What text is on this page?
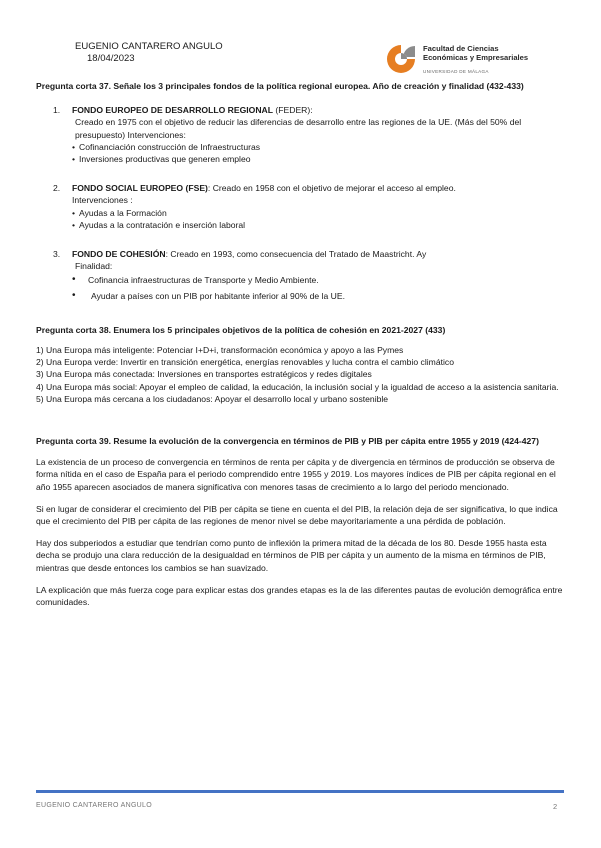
EUGENIO CANTARERO ANGULO
18/04/2023
Facultad de Ciencias
Económicas y Empresariales
UNIVERSIDAD DE MÁLAGA

Pregunta corta 37. Señale los 3 principales fondos de la política regional europea. Año de creación y finalidad (432-433)

1. FONDO EUROPEO DE DESARROLLO REGIONAL (FEDER):
Creado en 1975 con el objetivo de reducir las diferencias de desarrollo entre las regiones de la UE. (Más del 50% del presupuesto) Intervenciones:
• Cofinanciación construcción de Infraestructuras
• Inversiones productivas que generen empleo
2. FONDO SOCIAL EUROPEO (FSE): Creado en 1958 con el objetivo de mejorar el acceso al empleo.
Intervenciones :
• Ayudas a la Formación
• Ayudas a la contratación e inserción laboral
3. FONDO DE COHESIÓN: Creado en 1993, como consecuencia del Tratado de Maastricht. Ay
Finalidad:
• Cofinancia infraestructuras de Transporte y Medio Ambiente.
• Ayudar a países con un PIB por habitante inferior al 90% de la UE.

Pregunta corta 38. Enumera los 5 principales objetivos de la política de cohesión en 2021-2027 (433)

1) Una Europa más inteligente: Potenciar I+D+i, transformación económica y apoyo a las Pymes

2) Una Europa verde: Invertir en transición energética, energías renovables y lucha contra el cambio climático

3) Una Europa más conectada: Inversiones en transportes estratégicos y redes digitales

4) Una Europa más social: Apoyar el empleo de calidad, la educación, la inclusión social y la igualdad de acceso a la asistencia sanitaria.

5) Una Europa más cercana a los ciudadanos: Apoyar el desarrollo local y urbano sostenible

Pregunta corta 39. Resume la evolución de la convergencia en términos de PIB y PIB per cápita entre 1955 y 2019 (424-427)

La existencia de un proceso de convergencia en términos de renta per cápita y de divergencia en términos de producción se observa de forma nítida en el caso de España para el periodo comprendido entre 1955 y 2019. Los mayores índices de PIB per cápita regional en el año 1955 aparecen asociados de manera significativa con menores tasas de crecimiento a lo largo del periodo mencionado.

Si en lugar de considerar el crecimiento del PIB per cápita se tiene en cuenta el del PIB, la relación deja de ser significativa, lo que indica que el crecimiento del PIB per cápita de las regiones de menor nivel se debe mayoritariamente a una pérdida de población.

Hay dos subperiodos a estudiar que tendrían como punto de inflexión la primera mitad de la década de los 80. Desde 1955 hasta esta decha se produjo una clara reducción de la desigualdad en términos de PIB per cápita y un aumento de la misma en términos de PIB, mientras que desde entonces los cambios se han suavizado.

LA explicación que más fuerza coge para explicar estas dos grandes etapas es la de las diferentes pautas de evolución demográfica entre comunidades.

EUGENIO CANTARERO ANGULO	2
